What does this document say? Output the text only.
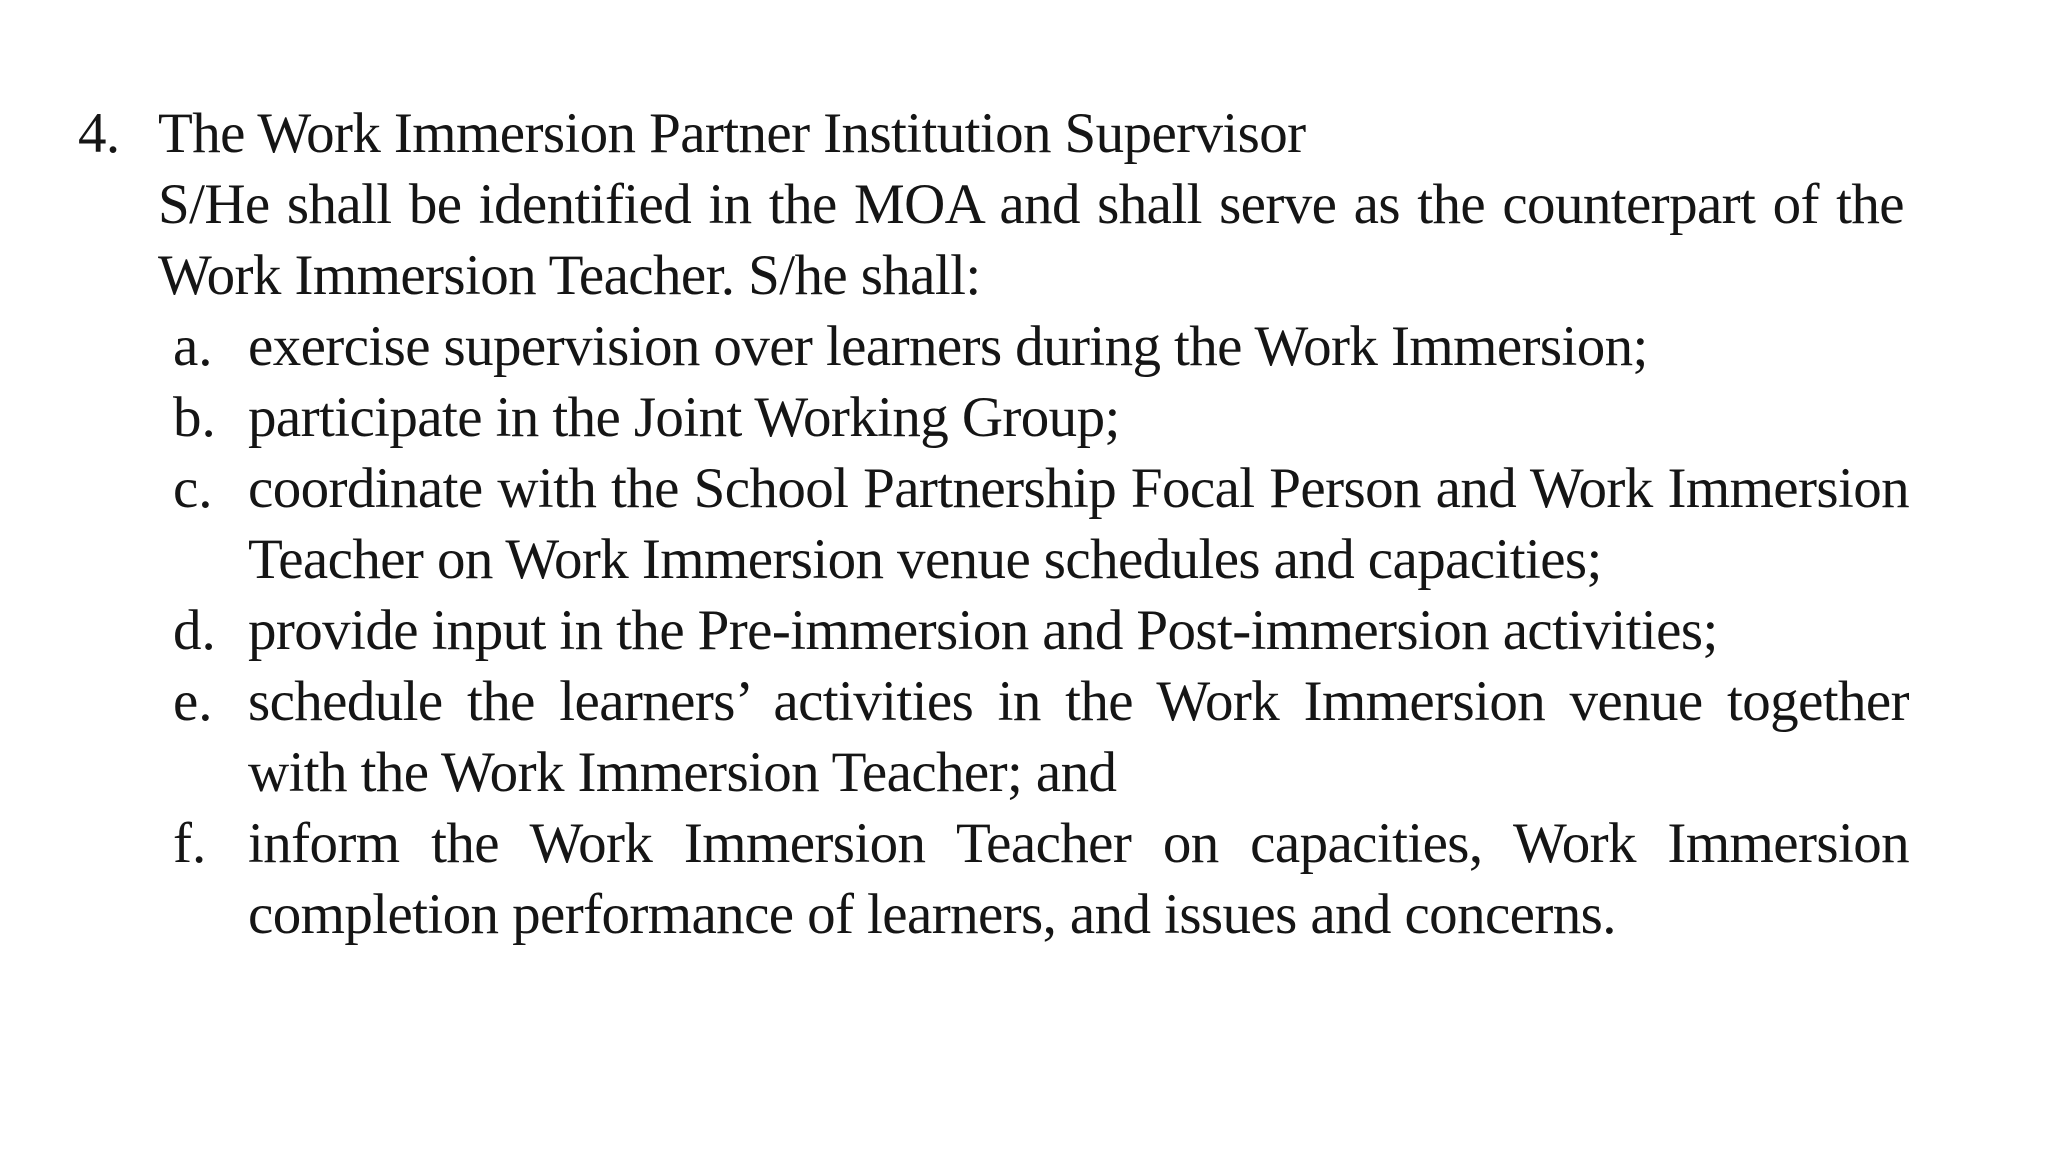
4. The Work Immersion Partner Institution Supervisor
S/He shall be identified in the MOA and shall serve as the counterpart of the
Work Immersion Teacher. S/he shall:
a. exercise supervision over learners during the Work Immersion;
b. participate in the Joint Working Group;
c. coordinate with the School Partnership Focal Person and Work Immersion
Teacher on Work Immersion venue schedules and capacities;
d. provide input in the Pre-immersion and Post-immersion activities;
e. schedule the learners’ activities in the Work Immersion venue together
with the Work Immersion Teacher; and
f. inform the Work Immersion Teacher on capacities, Work Immersion
completion performance of learners, and issues and concerns.
